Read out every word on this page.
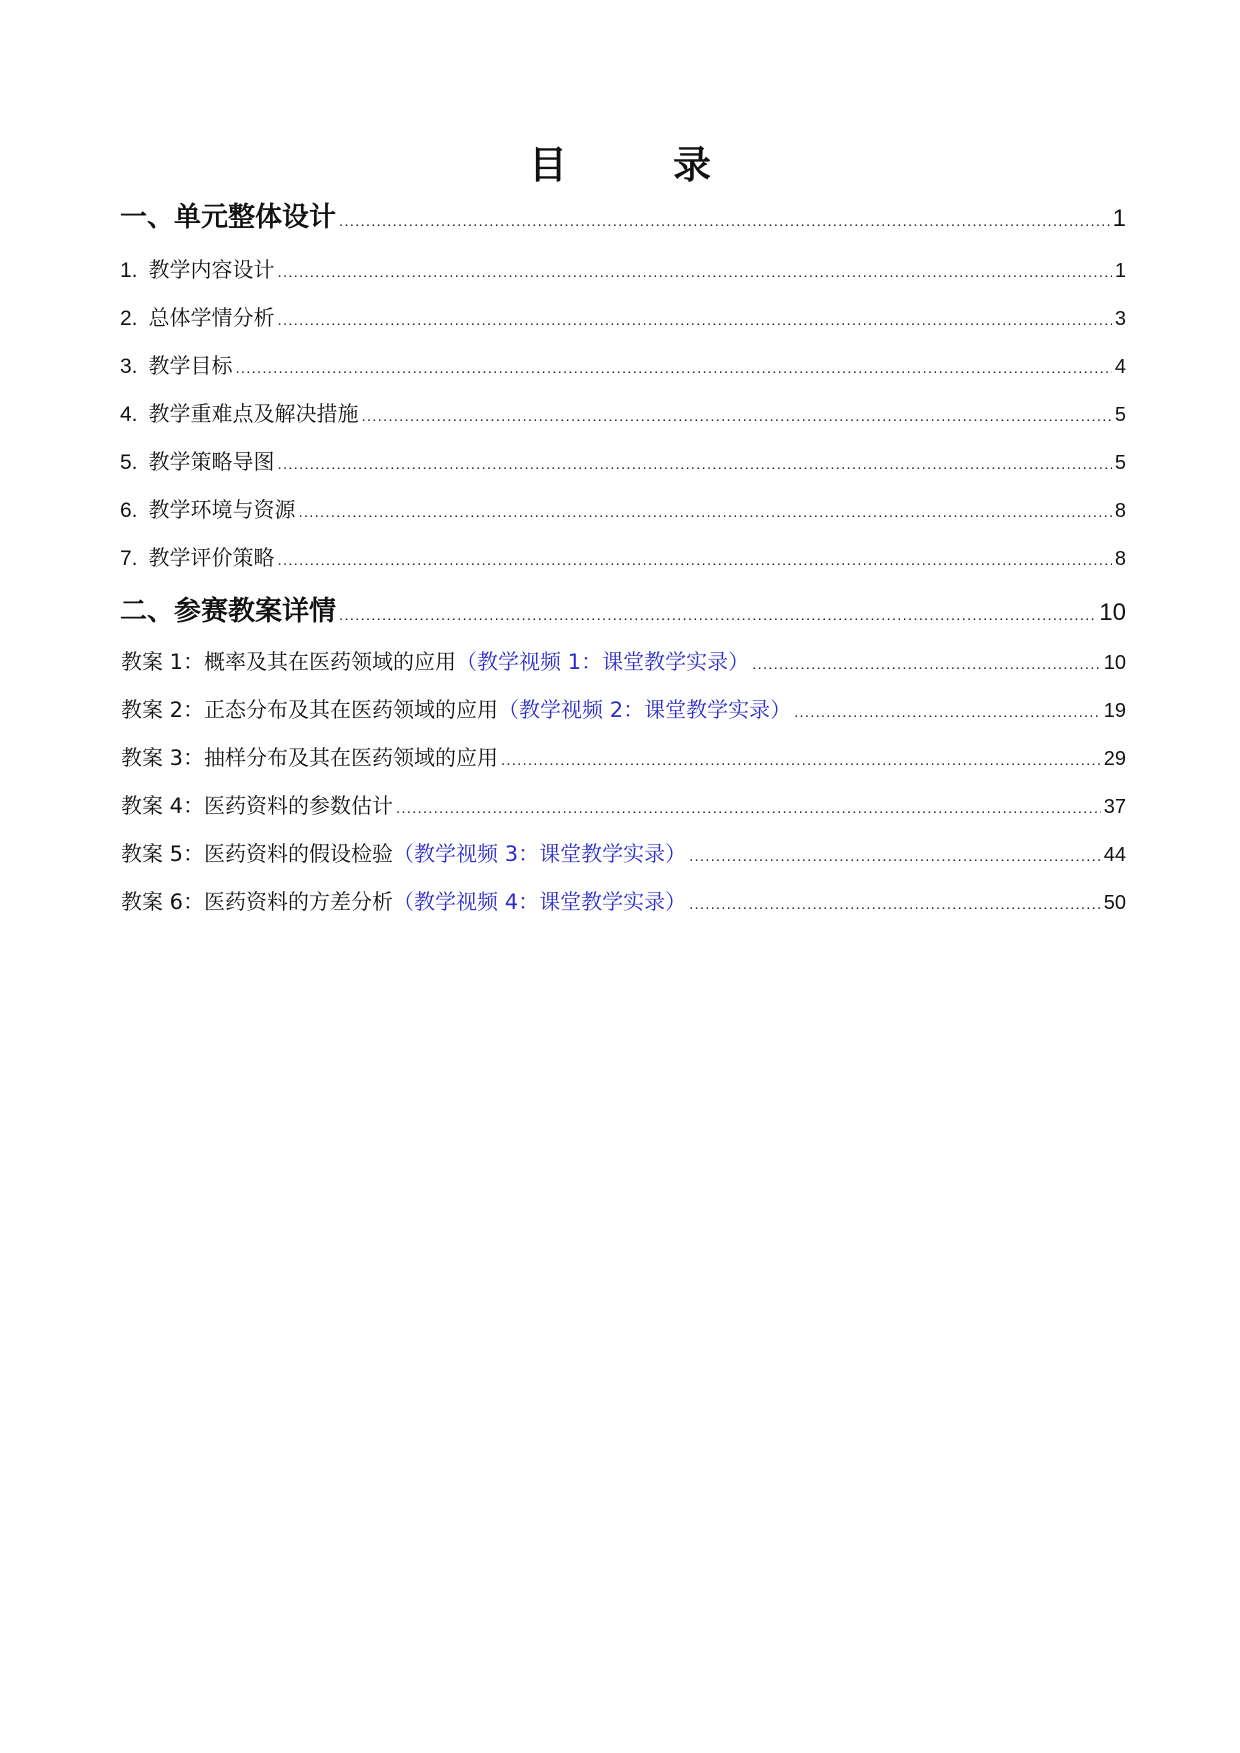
目　录
一、单元整体设计 .....	1
1. 教学内容设计 .....	1
2. 总体学情分析 .....	3
3. 教学目标 .....	4
4. 教学重难点及解决措施 .....	5
5. 教学策略导图 .....	5
6. 教学环境与资源 .....	8
7. 教学评价策略 .....	8
二、参赛教案详情 .....	10
教案 1：概率及其在医药领域的应用 （教学视频 1：课堂教学实录） .....	10
教案 2：正态分布及其在医药领域的应用 （教学视频 2：课堂教学实录） .....	19
教案 3：抽样分布及其在医药领域的应用 .....	29
教案 4：医药资料的参数估计 .....	37
教案 5：医药资料的假设检验 （教学视频 3：课堂教学实录） .....	44
教案 6：医药资料的方差分析 （教学视频 4：课堂教学实录） .....	50
